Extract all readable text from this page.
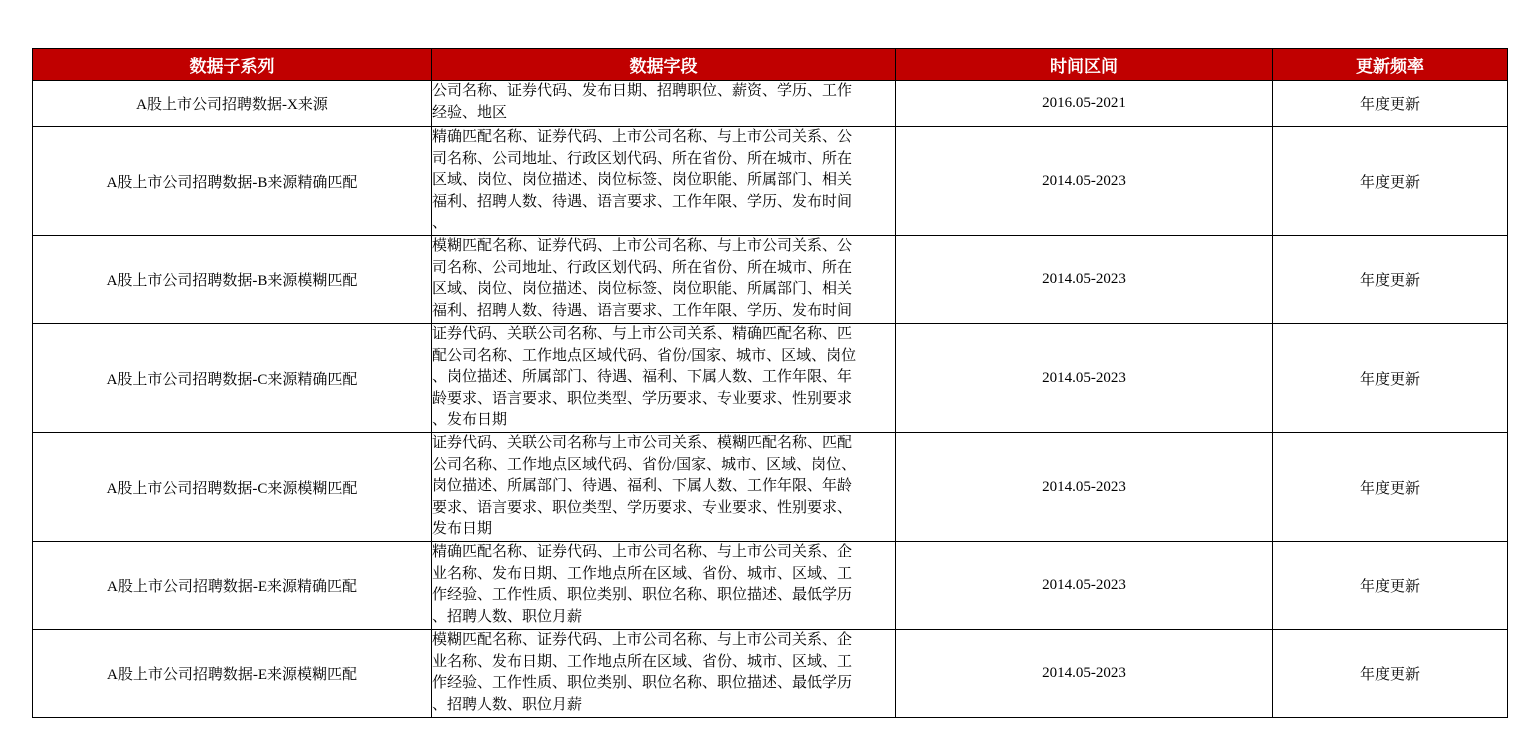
数据子系列	数据字段	时间区间	更新频率
A股上市公司招聘数据-X来源	公司名称、证券代码、发布日期、招聘职位、薪资、学历、工作
经验、地区	2016.05-2021	年度更新
A股上市公司招聘数据-B来源精确匹配	精确匹配名称、证券代码、上市公司名称、与上市公司关系、公
司名称、公司地址、行政区划代码、所在省份、所在城市、所在
区域、岗位、岗位描述、岗位标签、岗位职能、所属部门、相关
福利、招聘人数、待遇、语言要求、工作年限、学历、发布时间
、	2014.05-2023	年度更新
A股上市公司招聘数据-B来源模糊匹配	模糊匹配名称、证券代码、上市公司名称、与上市公司关系、公
司名称、公司地址、行政区划代码、所在省份、所在城市、所在
区域、岗位、岗位描述、岗位标签、岗位职能、所属部门、相关
福利、招聘人数、待遇、语言要求、工作年限、学历、发布时间	2014.05-2023	年度更新
A股上市公司招聘数据-C来源精确匹配	证券代码、关联公司名称、与上市公司关系、精确匹配名称、匹
配公司名称、工作地点区域代码、省份/国家、城市、区域、岗位
、岗位描述、所属部门、待遇、福利、下属人数、工作年限、年
龄要求、语言要求、职位类型、学历要求、专业要求、性别要求
、发布日期	2014.05-2023	年度更新
A股上市公司招聘数据-C来源模糊匹配	证券代码、关联公司名称与上市公司关系、模糊匹配名称、匹配
公司名称、工作地点区域代码、省份/国家、城市、区域、岗位、
岗位描述、所属部门、待遇、福利、下属人数、工作年限、年龄
要求、语言要求、职位类型、学历要求、专业要求、性别要求、
发布日期	2014.05-2023	年度更新
A股上市公司招聘数据-E来源精确匹配	精确匹配名称、证券代码、上市公司名称、与上市公司关系、企
业名称、发布日期、工作地点所在区域、省份、城市、区域、工
作经验、工作性质、职位类别、职位名称、职位描述、最低学历
、招聘人数、职位月薪	2014.05-2023	年度更新
A股上市公司招聘数据-E来源模糊匹配	模糊匹配名称、证券代码、上市公司名称、与上市公司关系、企
业名称、发布日期、工作地点所在区域、省份、城市、区域、工
作经验、工作性质、职位类别、职位名称、职位描述、最低学历
、招聘人数、职位月薪	2014.05-2023	年度更新
